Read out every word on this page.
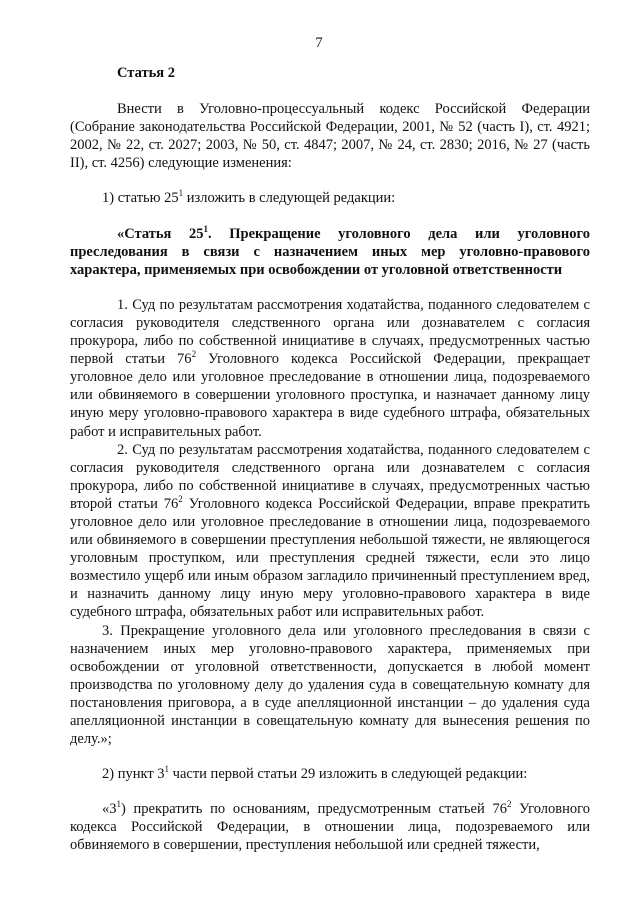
7

Статья 2

Внести в Уголовно-процессуальный кодекс Российской Федерации (Собрание законодательства Российской Федерации, 2001, № 52 (часть I), ст. 4921; 2002, № 22, ст. 2027; 2003, № 50, ст. 4847; 2007, № 24, ст. 2830; 2016, № 27 (часть II), ст. 4256) следующие изменения:

1) статью $25^1$ изложить в следующей редакции:

«Статья $25^1$. Прекращение уголовного дела или уголовного преследования в связи с назначением иных мер уголовно-правового характера, применяемых при освобождении от уголовной ответственности

1. Суд по результатам рассмотрения ходатайства, поданного следователем с согласия руководителя следственного органа или дознавателем с согласия прокурора, либо по собственной инициативе в случаях, предусмотренных частью первой статьи $76^2$ Уголовного кодекса Российской Федерации, прекращает уголовное дело или уголовное преследование в отношении лица, подозреваемого или обвиняемого в совершении уголовного проступка, и назначает данному лицу иную меру уголовно-правового характера в виде судебного штрафа, обязательных работ и исправительных работ.

2. Суд по результатам рассмотрения ходатайства, поданного следователем с согласия руководителя следственного органа или дознавателем с согласия прокурора, либо по собственной инициативе в случаях, предусмотренных частью второй статьи $76^2$ Уголовного кодекса Российской Федерации, вправе прекратить уголовное дело или уголовное преследование в отношении лица, подозреваемого или обвиняемого в совершении преступления небольшой тяжести, не являющегося уголовным проступком, или преступления средней тяжести, если это лицо возместило ущерб или иным образом загладило причиненный преступлением вред, и назначить данному лицу иную меру уголовно-правового характера в виде судебного штрафа, обязательных работ или исправительных работ.

3. Прекращение уголовного дела или уголовного преследования в связи с назначением иных мер уголовно-правового характера, применяемых при освобождении от уголовной ответственности, допускается в любой момент производства по уголовному делу до удаления суда в совещательную комнату для постановления приговора, а в суде апелляционной инстанции – до удаления суда апелляционной инстанции в совещательную комнату для вынесения решения по делу.»;

2) пункт $3^1$ части первой статьи 29 изложить в следующей редакции:

«$3^1$) прекратить по основаниям, предусмотренным статьей $76^2$ Уголовного кодекса Российской Федерации, в отношении лица, подозреваемого или обвиняемого в совершении, преступления небольшой или средней тяжести,
